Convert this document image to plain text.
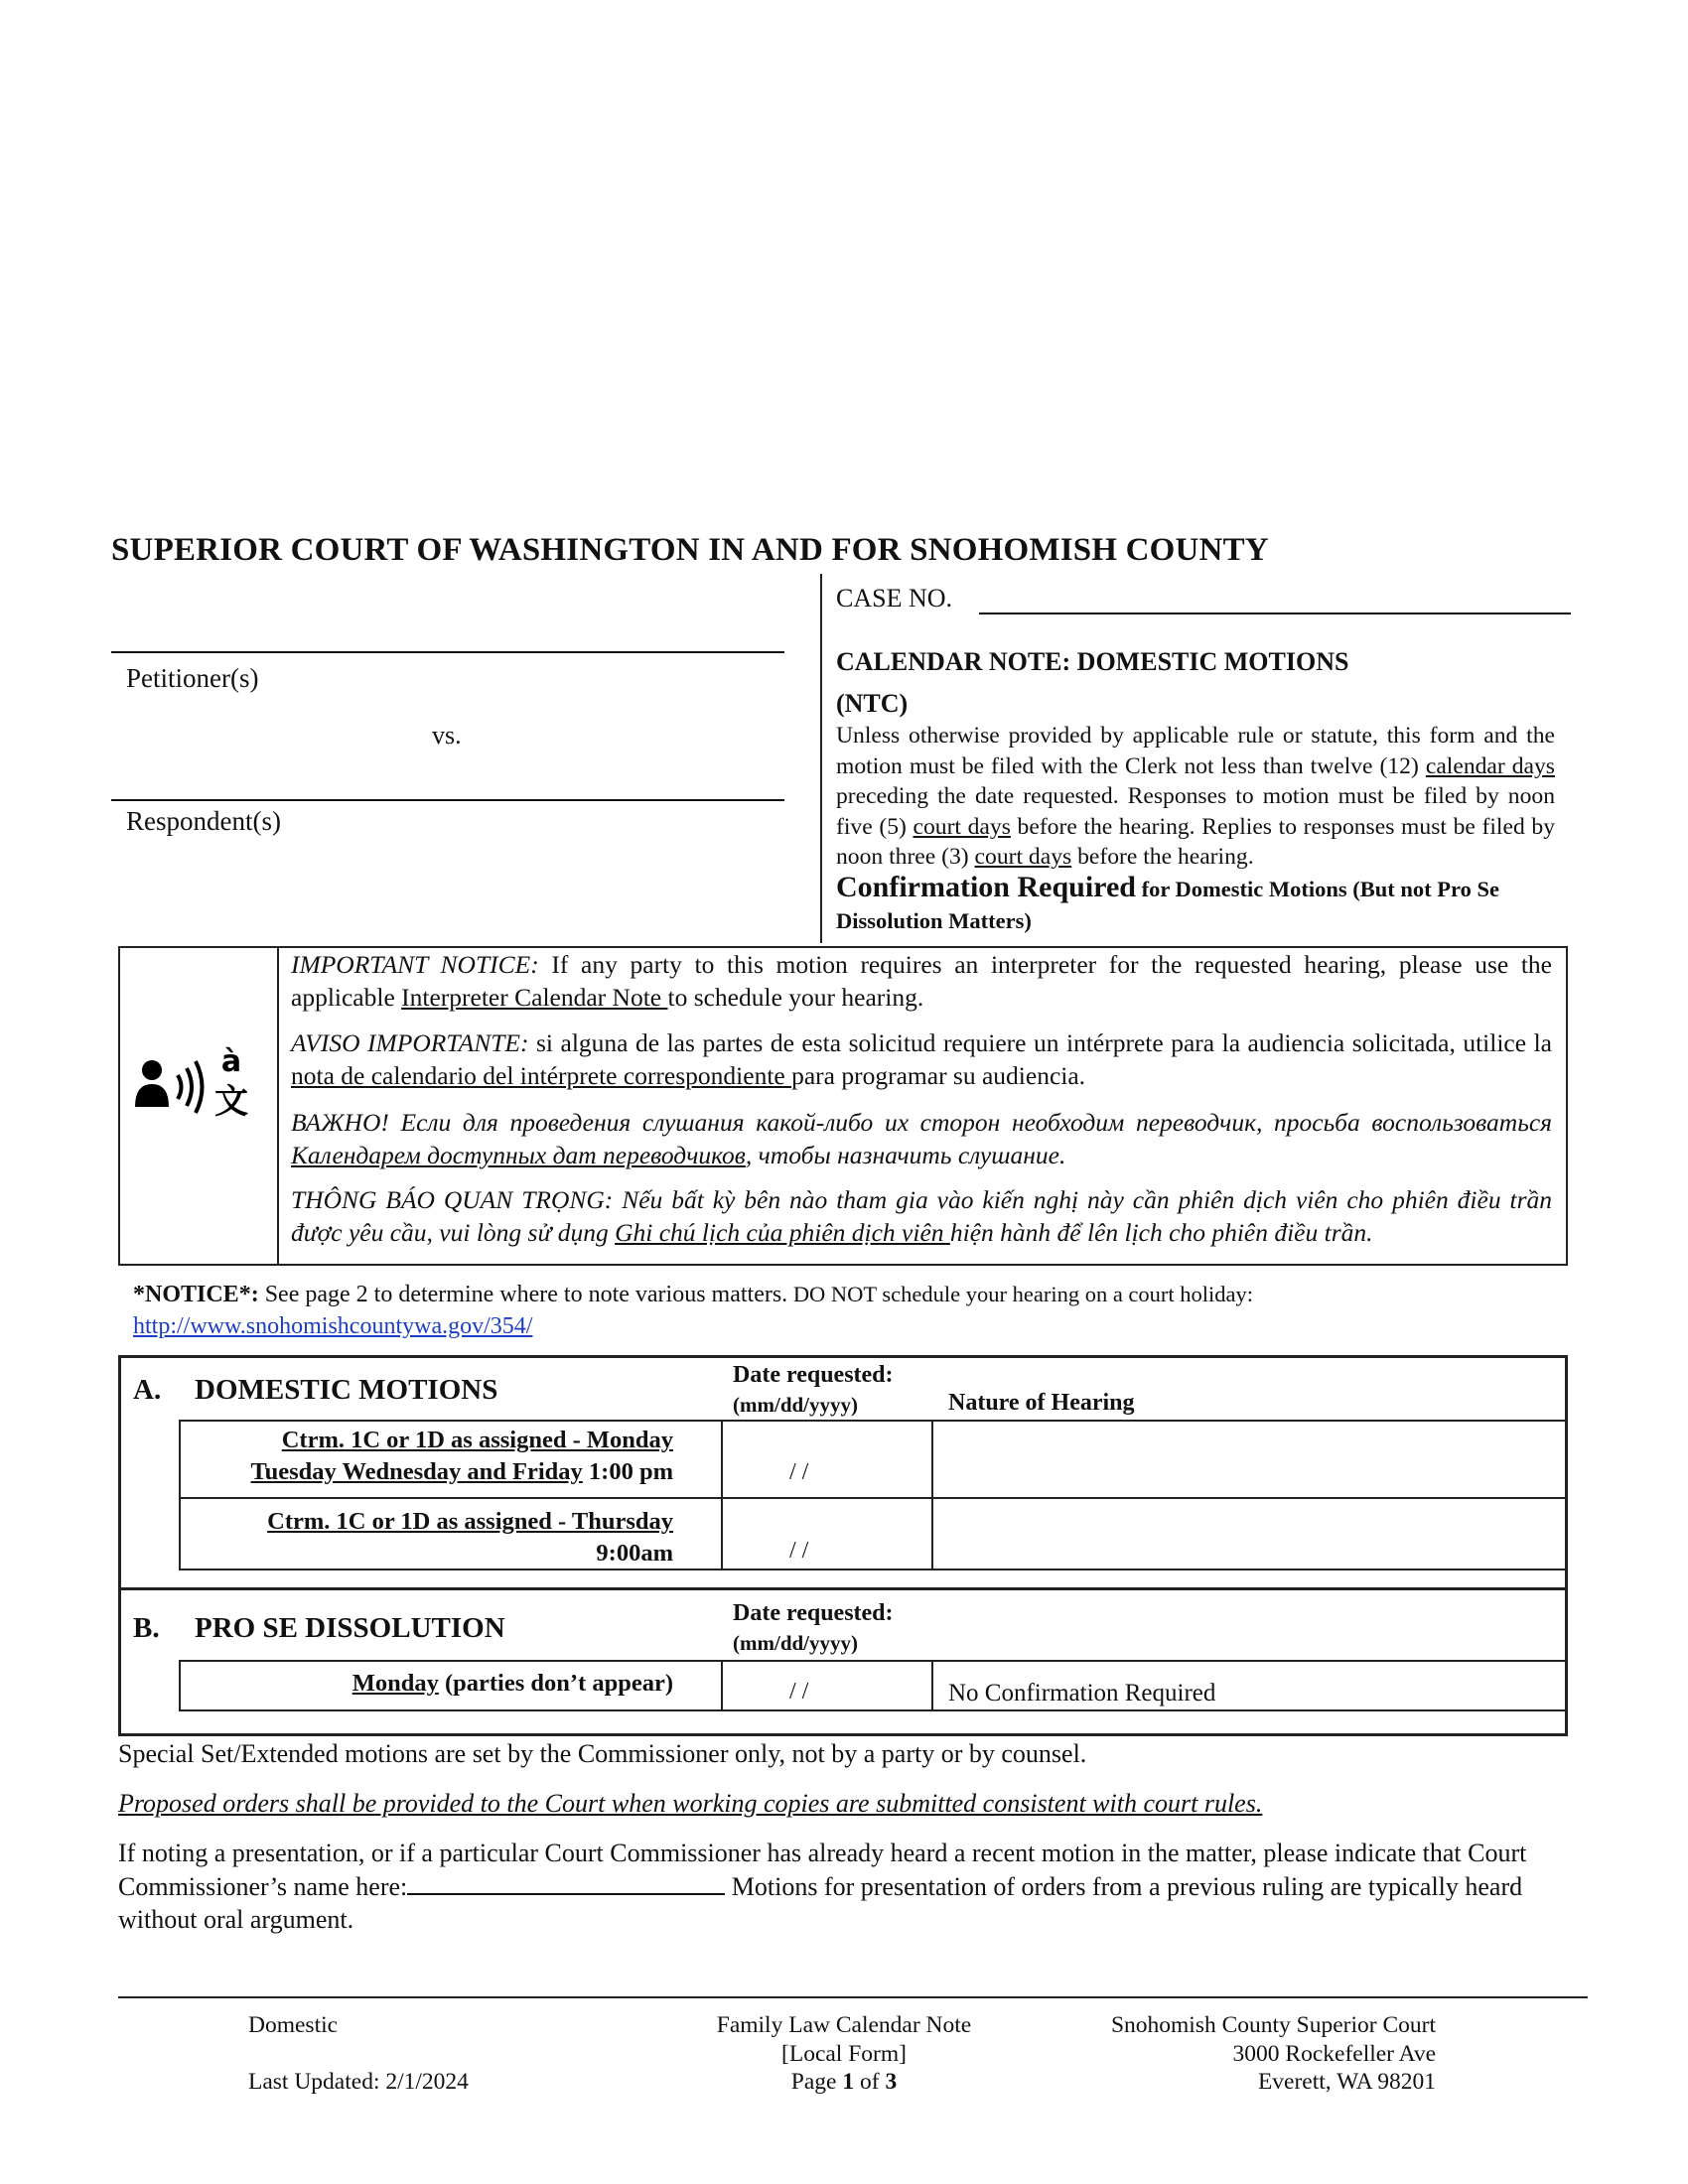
SUPERIOR COURT OF WASHINGTON IN AND FOR SNOHOMISH COUNTY
CASE NO.
Petitioner(s)
vs.
Respondent(s)
CALENDAR NOTE: DOMESTIC MOTIONS
(NTC)
Unless otherwise provided by applicable rule or statute, this form and the motion must be filed with the Clerk not less than twelve (12) calendar days preceding the date requested. Responses to motion must be filed by noon five (5) court days before the hearing. Replies to responses must be filed by noon three (3) court days before the hearing.
Confirmation Required for Domestic Motions (But not Pro Se Dissolution Matters)
à
文
IMPORTANT NOTICE: If any party to this motion requires an interpreter for the requested hearing, please use the applicable Interpreter Calendar Note to schedule your hearing.
AVISO IMPORTANTE: si alguna de las partes de esta solicitud requiere un intérprete para la audiencia solicitada, utilice la nota de calendario del intérprete correspondiente para programar su audiencia.
ВАЖНО! Если для проведения слушания какой-либо их сторон необходим переводчик, просьба воспользоваться Календарем доступных дат переводчиков, чтобы назначить слушание.
THÔNG BÁO QUAN TRỌNG: Nếu bất kỳ bên nào tham gia vào kiến nghị này cần phiên dịch viên cho phiên điều trần được yêu cầu, vui lòng sử dụng Ghi chú lịch của phiên dịch viên hiện hành để lên lịch cho phiên điều trần.
*NOTICE*: See page 2 to determine where to note various matters. DO NOT schedule your hearing on a court holiday:
http://www.snohomishcountywa.gov/354/
A. DOMESTIC MOTIONS	Date requested:
(mm/dd/yyyy)	Nature of Hearing
Ctrm. 1C or 1D as assigned - Monday
Tuesday Wednesday and Friday 1:00 pm	/ /
Ctrm. 1C or 1D as assigned - Thursday
9:00am	/ /
B. PRO SE DISSOLUTION	Date requested:
(mm/dd/yyyy)
Monday (parties don’t appear)	/ /	No Confirmation Required
Special Set/Extended motions are set by the Commissioner only, not by a party or by counsel.
Proposed orders shall be provided to the Court when working copies are submitted consistent with court rules.
If noting a presentation, or if a particular Court Commissioner has already heard a recent motion in the matter, please indicate that Court Commissioner’s name here:	Motions for presentation of orders from a previous ruling are typically heard without oral argument.
Domestic
Last Updated: 2/1/2024
Family Law Calendar Note
[Local Form]
Page 1 of 3
Snohomish County Superior Court
3000 Rockefeller Ave
Everett, WA 98201
